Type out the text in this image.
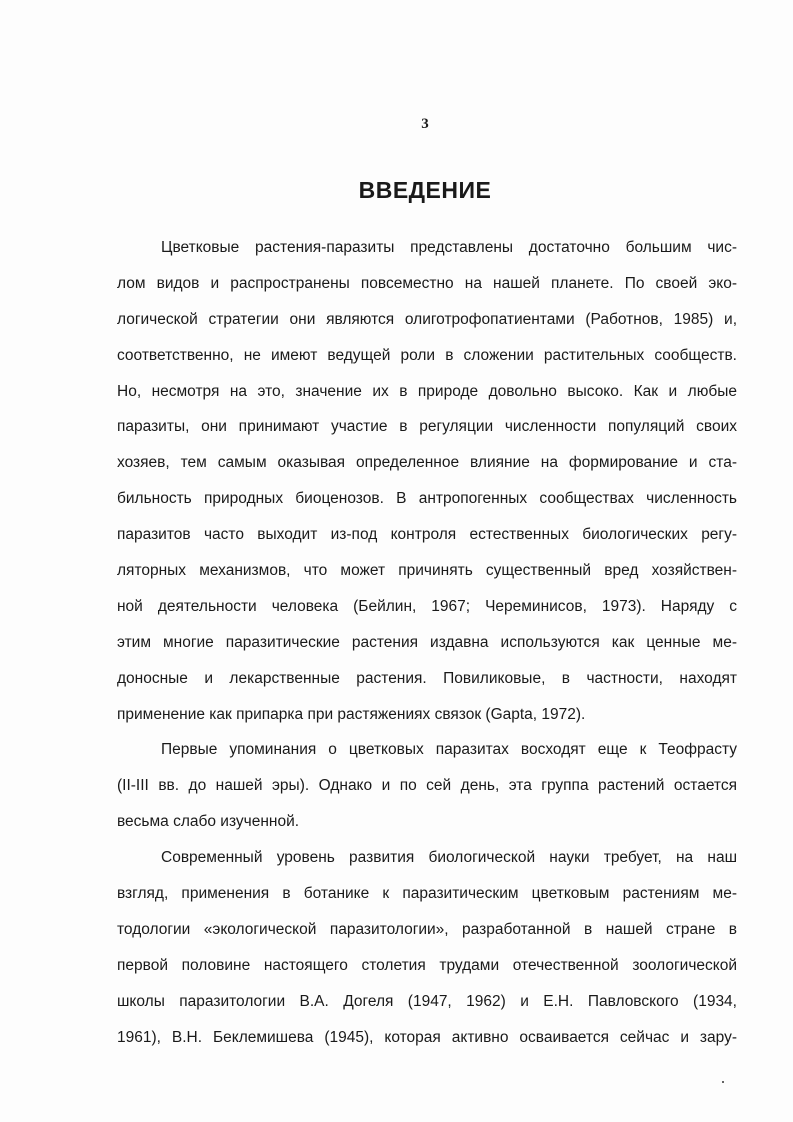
3
ВВЕДЕНИЕ
Цветковые растения-паразиты представлены достаточно большим чис-
лом видов и распространены повсеместно на нашей планете. По своей эко-
логической стратегии они являются олиготрофопатиентами (Работнов, 1985) и,
соответственно, не имеют ведущей роли в сложении растительных сообществ.
Но, несмотря на это, значение их в природе довольно высоко. Как и любые
паразиты, они принимают участие в регуляции численности популяций своих
хозяев, тем самым оказывая определенное влияние на формирование и ста-
бильность природных биоценозов. В антропогенных сообществах численность
паразитов часто выходит из-под контроля естественных биологических регу-
ляторных механизмов, что может причинять существенный вред хозяйствен-
ной деятельности человека (Бейлин, 1967; Череминисов, 1973). Наряду с
этим многие паразитические растения издавна используются как ценные ме-
доносные и лекарственные растения. Повиликовые, в частности, находят
применение как припарка при растяжениях связок (Gapta, 1972).
Первые упоминания о цветковых паразитах восходят еще к Теофрасту
(II-III вв. до нашей эры). Однако и по сей день, эта группа растений остается
весьма слабо изученной.
Современный уровень развития биологической науки требует, на наш
взгляд, применения в ботанике к паразитическим цветковым растениям ме-
тодологии «экологической паразитологии», разработанной в нашей стране в
первой половине настоящего столетия трудами отечественной зоологической
школы паразитологии В.А. Догеля (1947, 1962) и Е.Н. Павловского (1934,
1961), В.Н. Беклемишева (1945), которая активно осваивается сейчас и зару-
